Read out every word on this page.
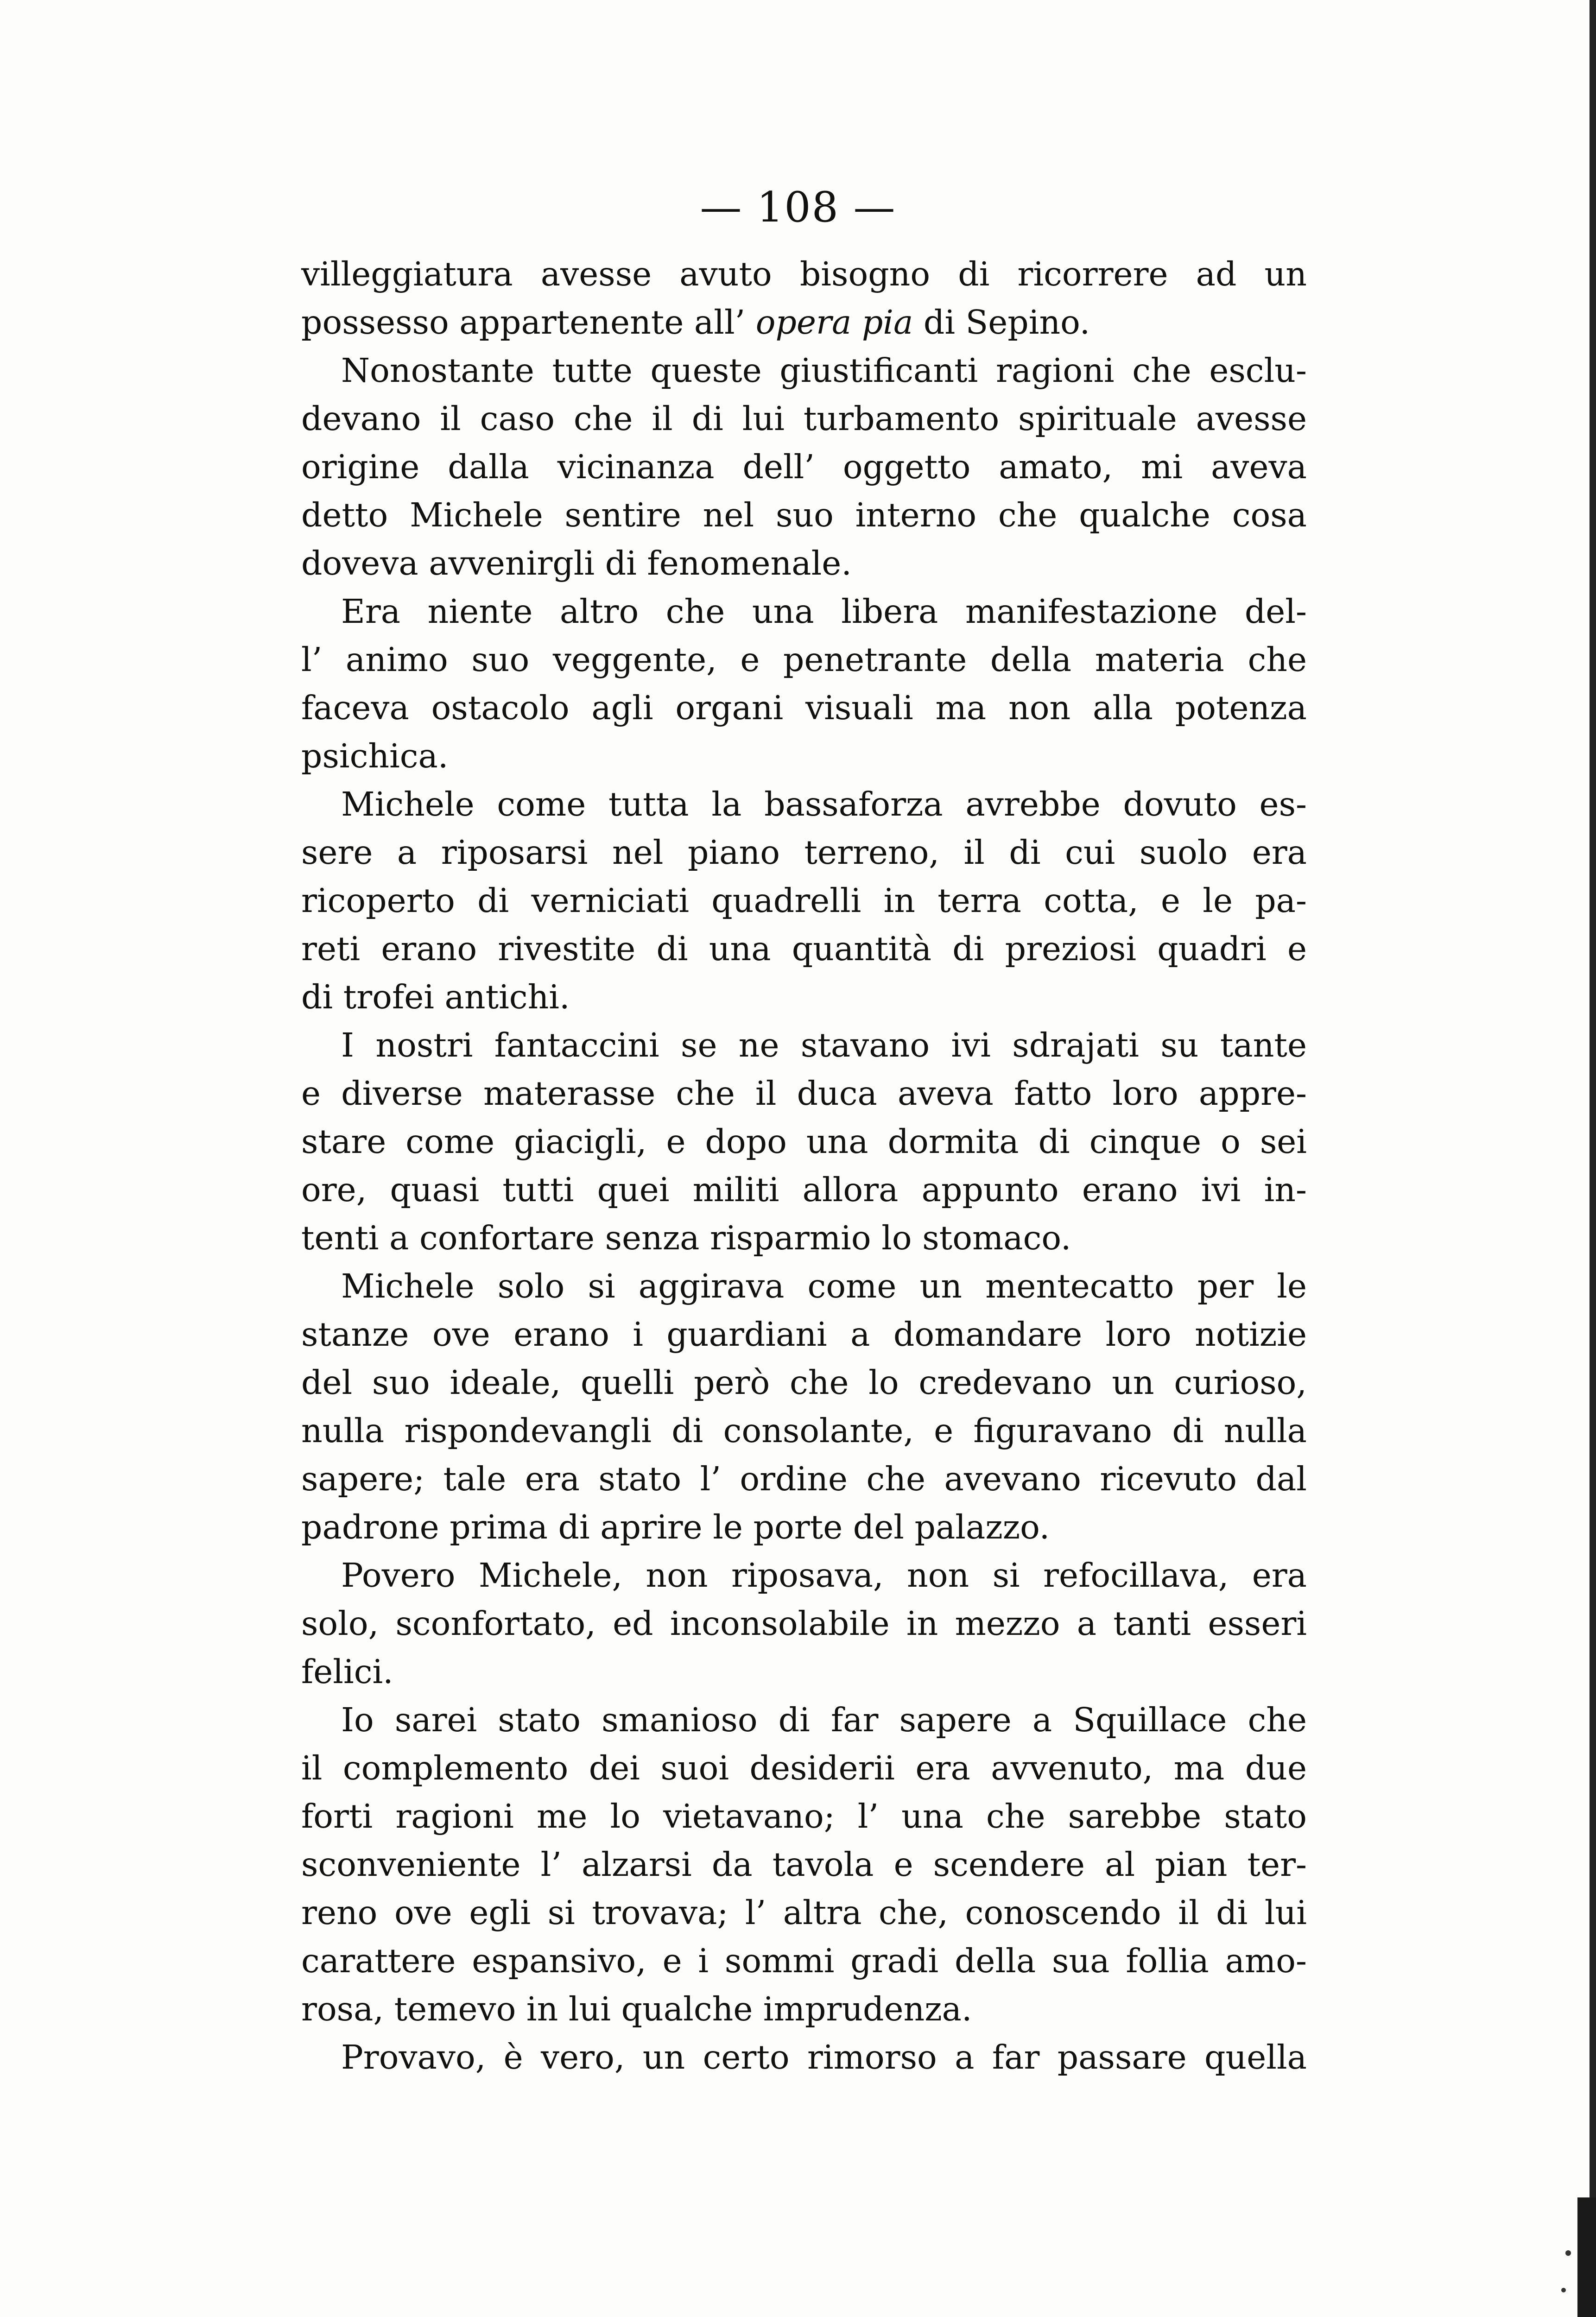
— 108 —
villeggiatura avesse avuto bisogno di ricorrere ad un
possesso appartenente all’ opera pia di Sepino.
Nonostante tutte queste giustificanti ragioni che esclu-
devano il caso che il di lui turbamento spirituale avesse
origine dalla vicinanza dell’ oggetto amato, mi aveva
detto Michele sentire nel suo interno che qualche cosa
doveva avvenirgli di fenomenale.
Era niente altro che una libera manifestazione del-
l’ animo suo veggente, e penetrante della materia che
faceva ostacolo agli organi visuali ma non alla potenza
psichica.
Michele come tutta la bassaforza avrebbe dovuto es-
sere a riposarsi nel piano terreno, il di cui suolo era
ricoperto di verniciati quadrelli in terra cotta, e le pa-
reti erano rivestite di una quantità di preziosi quadri e
di trofei antichi.
I nostri fantaccini se ne stavano ivi sdrajati su tante
e diverse materasse che il duca aveva fatto loro appre-
stare come giacigli, e dopo una dormita di cinque o sei
ore, quasi tutti quei militi allora appunto erano ivi in-
tenti a confortare senza risparmio lo stomaco.
Michele solo si aggirava come un mentecatto per le
stanze ove erano i guardiani a domandare loro notizie
del suo ideale, quelli però che lo credevano un curioso,
nulla rispondevangli di consolante, e figuravano di nulla
sapere; tale era stato l’ ordine che avevano ricevuto dal
padrone prima di aprire le porte del palazzo.
Povero Michele, non riposava, non si refocillava, era
solo, sconfortato, ed inconsolabile in mezzo a tanti esseri
felici.
Io sarei stato smanioso di far sapere a Squillace che
il complemento dei suoi desiderii era avvenuto, ma due
forti ragioni me lo vietavano; l’ una che sarebbe stato
sconveniente l’ alzarsi da tavola e scendere al pian ter-
reno ove egli si trovava; l’ altra che, conoscendo il di lui
carattere espansivo, e i sommi gradi della sua follia amo-
rosa, temevo in lui qualche imprudenza.
Provavo, è vero, un certo rimorso a far passare quella
